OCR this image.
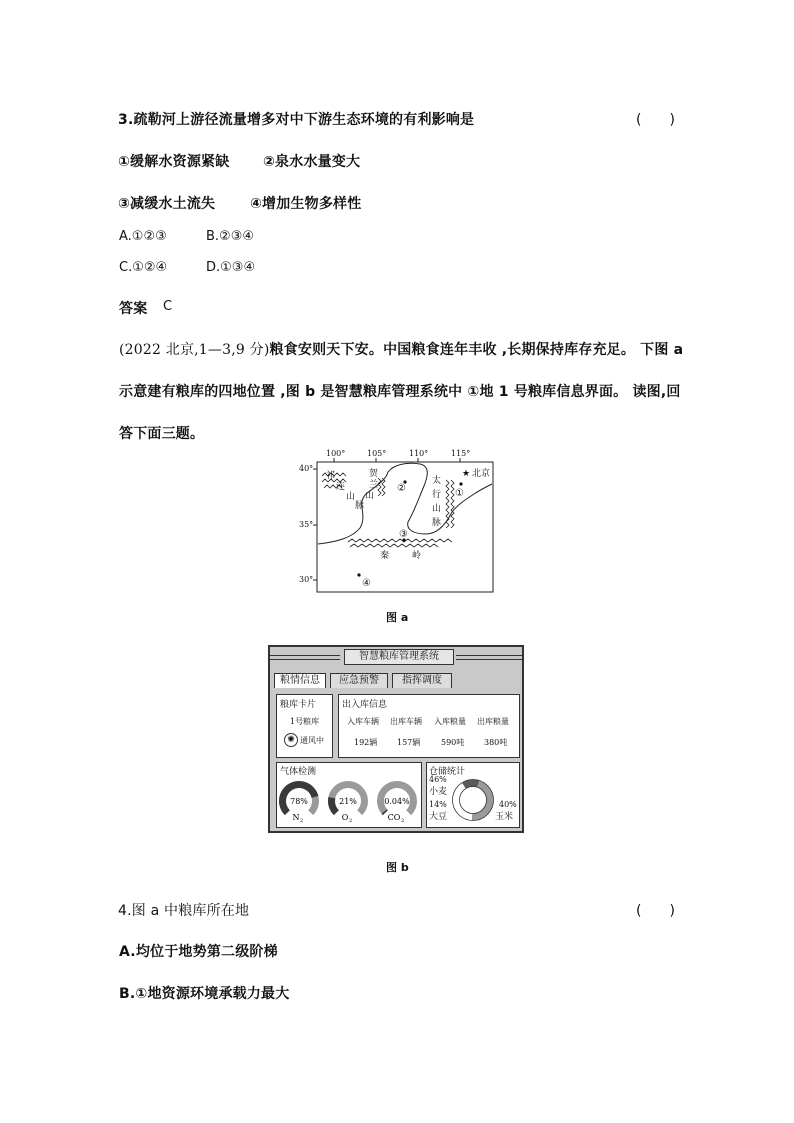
3.疏勒河上游径流量增多对中下游生态环境的有利影响是	(　　)
①缓解水资源紧缺 ②泉水水量变大
③减缓水土流失 ④增加生物多样性
A.①②③	B.②③④
C.①②④	D.①③④
答案 C
(2022 北京,1—3,9 分)粮食安则天下安。中国粮食连年丰收 ,长期保持库存充足。 下图 a
示意建有粮库的四地位置 ,图 b 是智慧粮库管理系统中 ①地 1 号粮库信息界面。 读图,回
答下面三题。
100°	105°	110°	115°
40°
35°
30°
祁
连
山
脉
贺
兰
山
太
行
山
脉
秦	岭
★ 北京
①
②
③
④
图 a
智慧粮库管理系统
粮情信息	应急预警	指挥调度
粮库卡片
1号粮库
✺ 通风中
出入库信息
入库车辆 出库车辆 入库粮量 出库粮量
192辆 157辆	590吨 380吨
气体检测
78%
N 2
21%
O 2
0.04%
CO 2
仓储统计
46%
小麦
14%
大豆
40%
玉米
图 b
4.图 a 中粮库所在地	(　　)
A.均位于地势第二级阶梯
B.①地资源环境承载力最大
